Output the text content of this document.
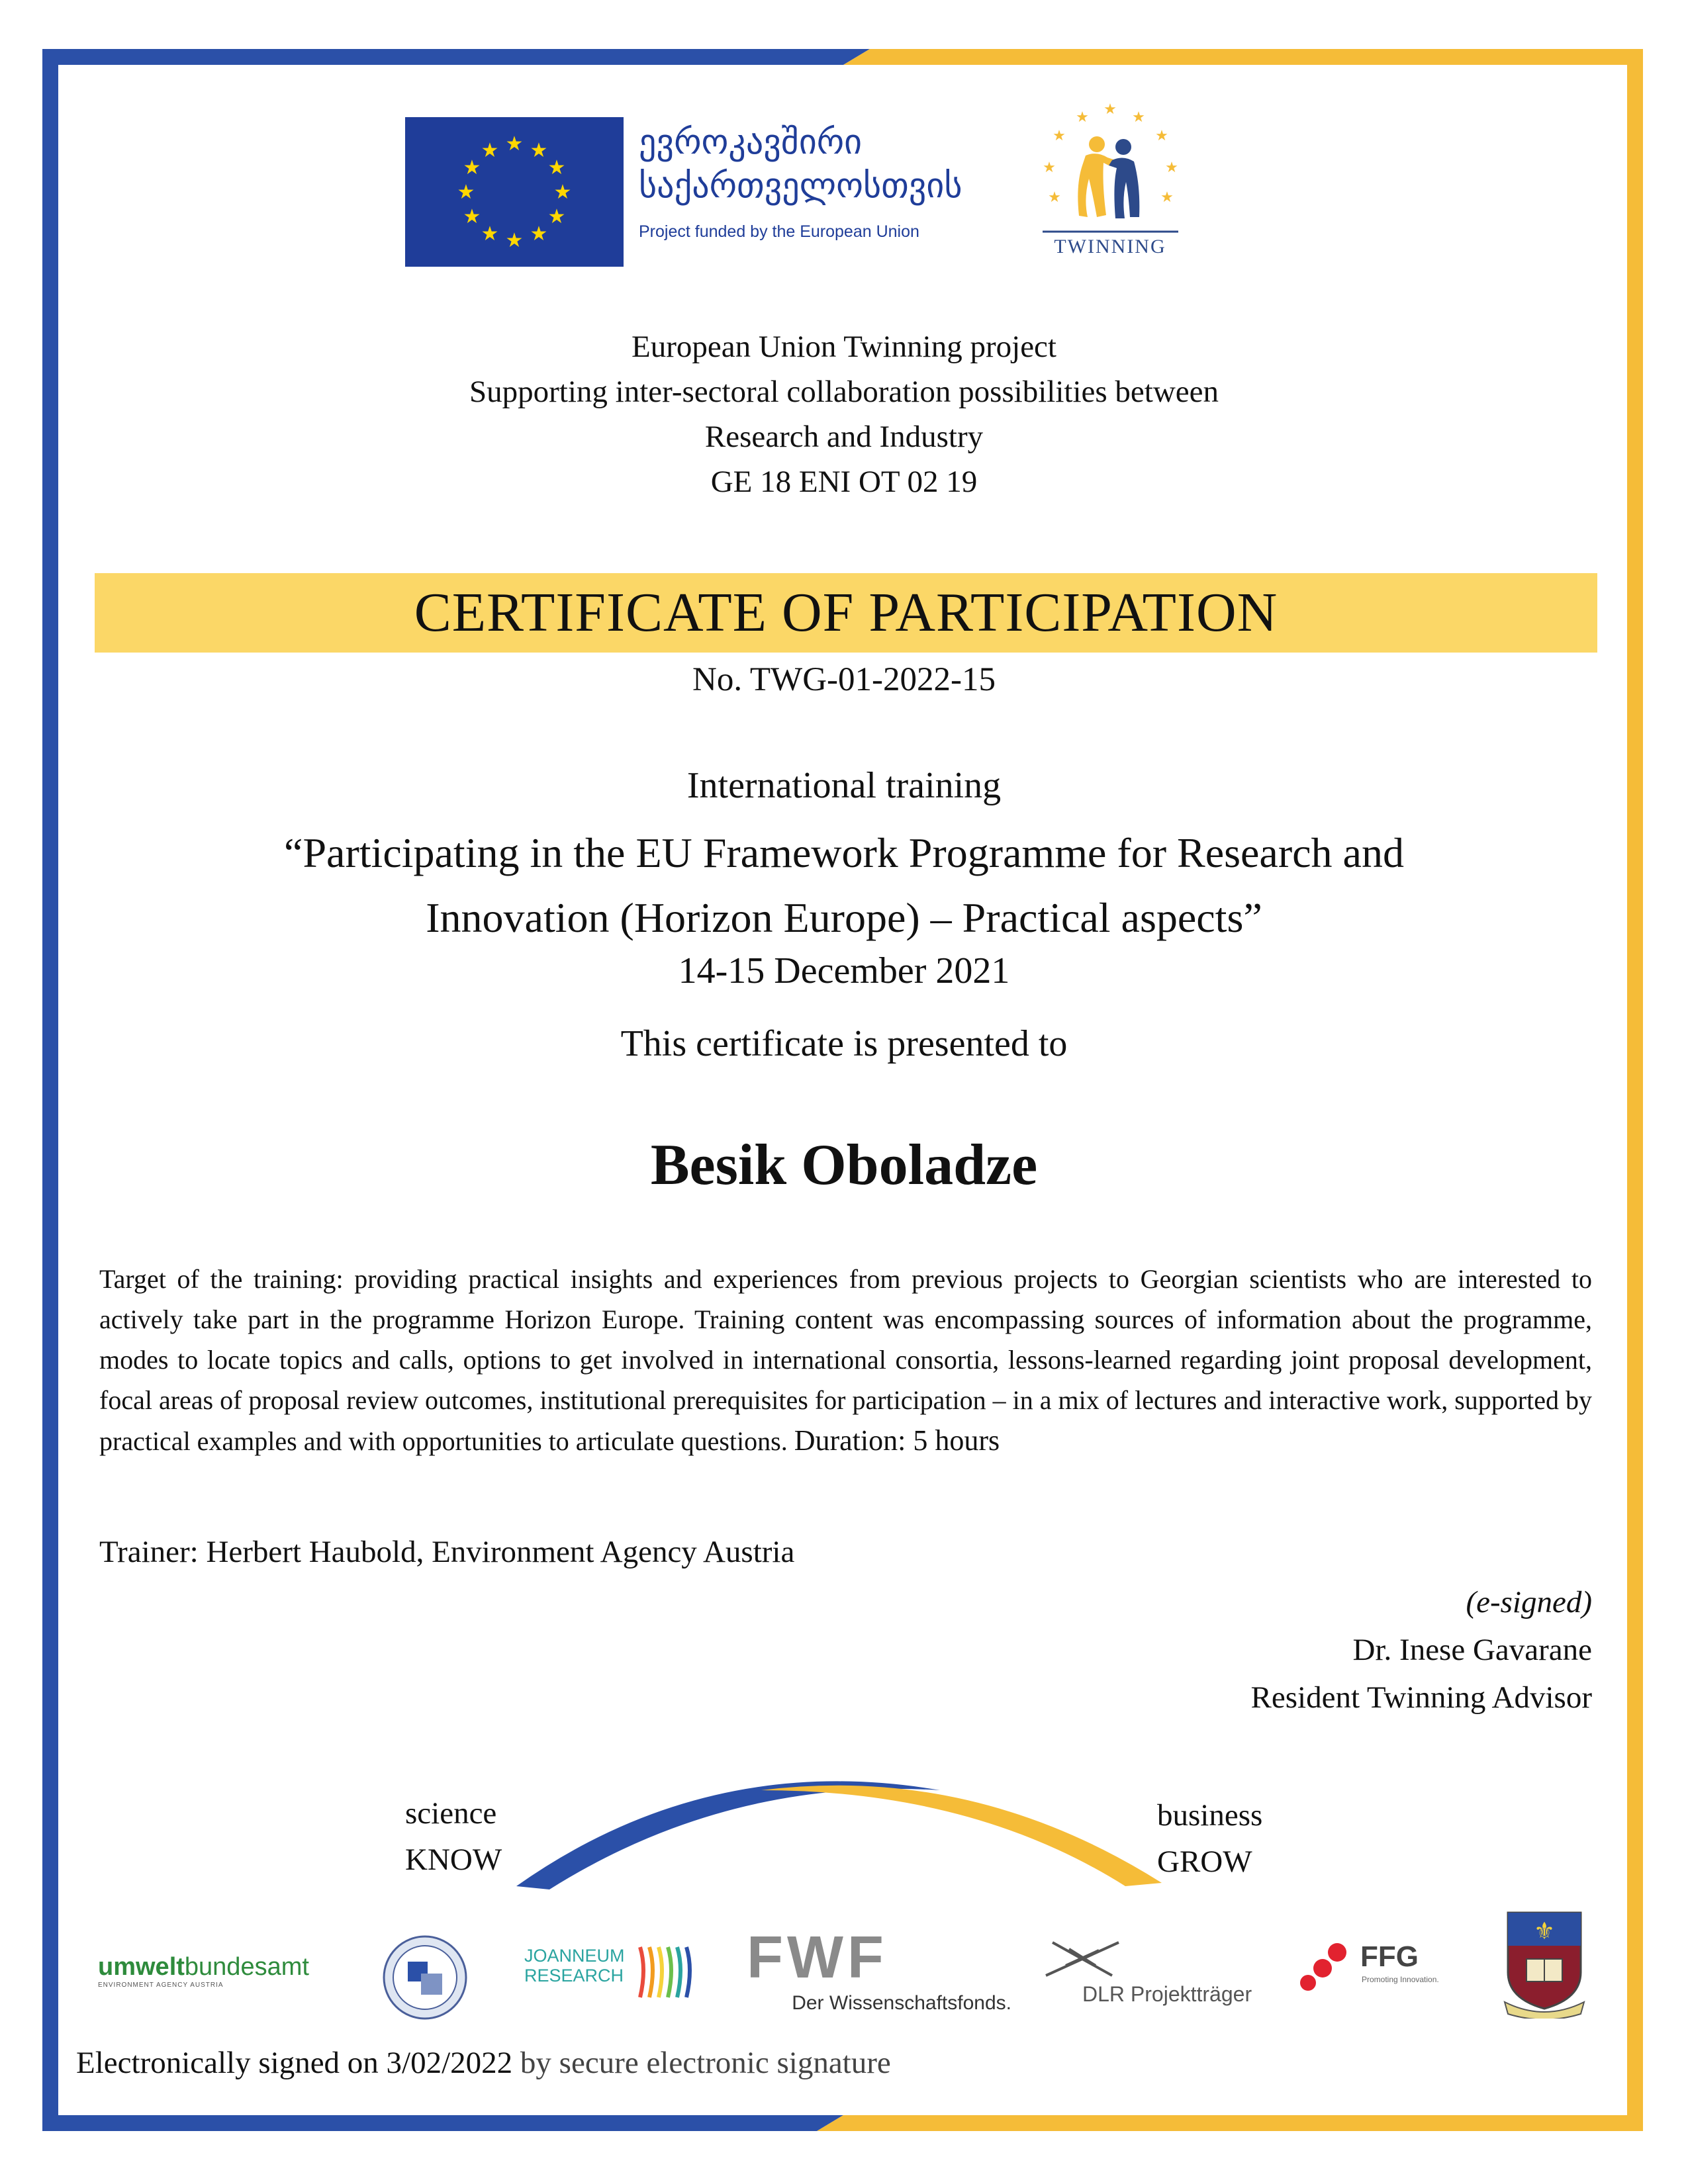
★ ★
★
★
★
★
★
★
★
★
★
★	ევროკავშირი
საქართველოსთვის
Project funded by the European Union
★ ★
★
★
★
★
★
★
★
TWINNING
European Union Twinning project
Supporting inter-sectoral collaboration possibilities between
Research and Industry
GE 18 ENI OT 02 19
CERTIFICATE OF PARTICIPATION
No. TWG-01-2022-15
International training
“Participating in the EU Framework Programme for Research and
Innovation (Horizon Europe) – Practical aspects”
14-15 December 2021
This certificate is presented to
Besik Oboladze
Target of the training: providing practical insights and experiences from previous projects to Georgian scientists who are interested to actively take part in the programme Horizon Europe. Training content was encompassing sources of information about the programme, modes to locate topics and calls, options to get involved in international consortia, lessons-learned regarding joint proposal development, focal areas of proposal review outcomes, institutional prerequisites for participation – in a mix of lectures and interactive work, supported by practical examples and with opportunities to articulate questions. Duration: 5 hours
Trainer: Herbert Haubold, Environment Agency Austria
(e-signed)
Dr. Inese Gavarane
Resident Twinning Advisor
science
KNOW
business
GROW
umweltbundesamt
ENVIRONMENT AGENCY AUSTRIA
JOANNEUM
RESEARCH	FWF
Der Wissenschaftsfonds.	DLR Projektträger
FFG
Promoting Innovation.
⚜
Electronically signed on 3/02/2022 by secure electronic signature
